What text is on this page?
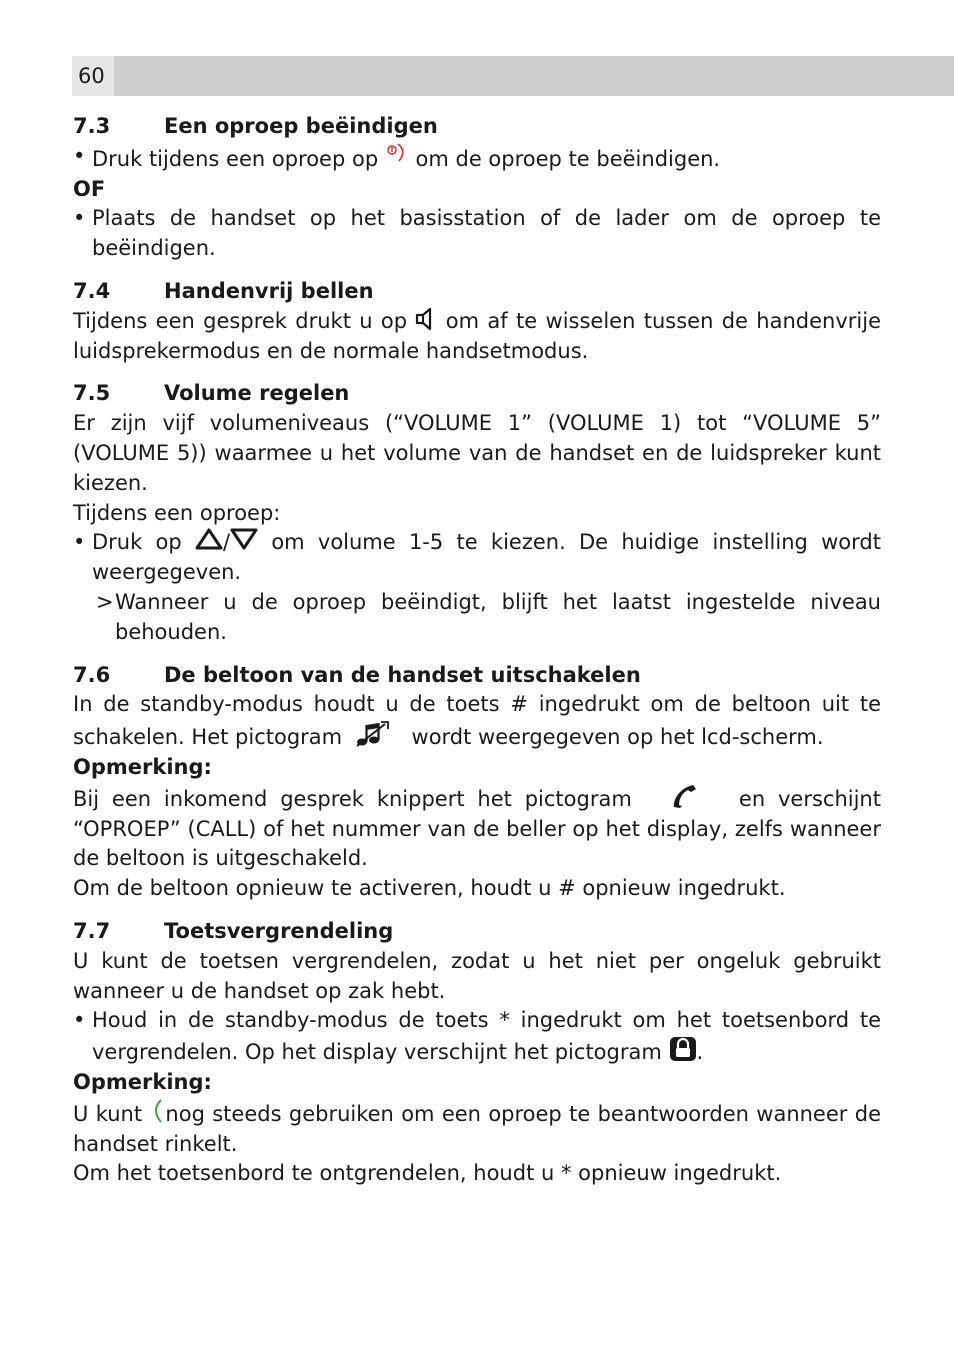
60
7.3	Een oproep beëindigen

• Druk tijdens een oproep op om de oproep te beëindigen.

OF

• Plaats de handset op het basisstation of de lader om de oproep te beëindigen.

7.4	Handenvrij bellen

Tijdens een gesprek drukt u op om af te wisselen tussen de handenvrije luidsprekermodus en de normale handsetmodus.

7.5	Volume regelen

Er zijn vijf volumeniveaus (“VOLUME 1” (VOLUME 1) tot “VOLUME 5” (VOLUME 5)) waarmee u het volume van de handset en de luidspreker kunt kiezen.

Tijdens een oproep:

• Druk op / om volume 1-5 te kiezen. De huidige instelling wordt weergegeven.

> Wanneer u de oproep beëindigt, blijft het laatst ingestelde niveau behouden.

7.6	De beltoon van de handset uitschakelen

In de standby-modus houdt u de toets # ingedrukt om de beltoon uit te schakelen. Het pictogram	wordt weergegeven op het lcd-scherm.

Opmerking:

Bij een inkomend gesprek knippert het pictogram	en verschijnt “OPROEP” (CALL) of het nummer van de beller op het display, zelfs wanneer de beltoon is uitgeschakeld.

Om de beltoon opnieuw te activeren, houdt u # opnieuw ingedrukt.

7.7	Toetsvergrendeling

U kunt de toetsen vergrendelen, zodat u het niet per ongeluk gebruikt wanneer u de handset op zak hebt.

• Houd in de standby-modus de toets * ingedrukt om het toetsenbord te vergrendelen. Op het display verschijnt het pictogram .

Opmerking:

U kunt nog steeds gebruiken om een oproep te beantwoorden wanneer de handset rinkelt.

Om het toetsenbord te ontgrendelen, houdt u * opnieuw ingedrukt.
